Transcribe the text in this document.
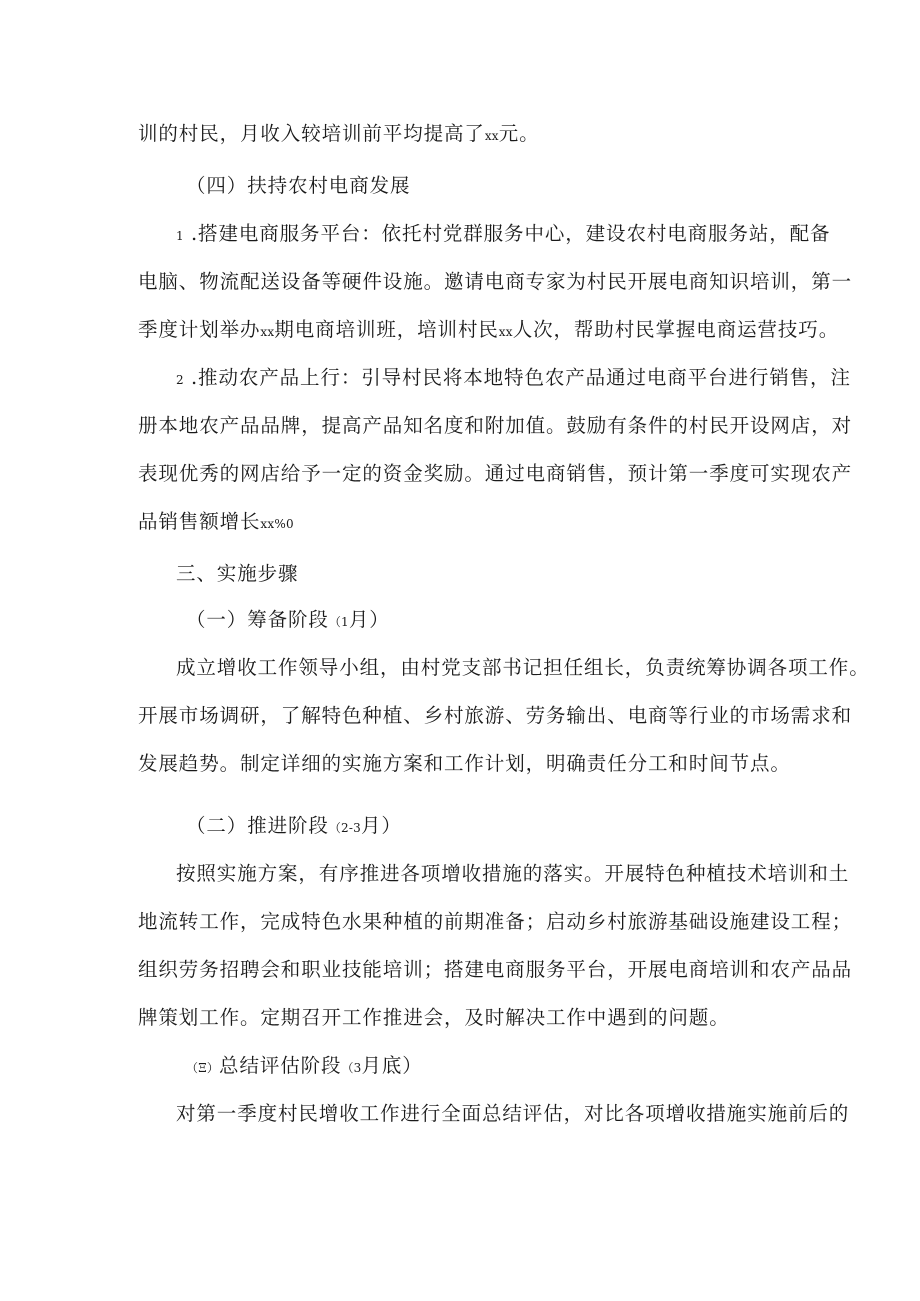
训的村民，月收入较培训前平均提高了xx元。

（四）扶持农村电商发展

1 .搭建电商服务平台：依托村党群服务中心，建设农村电商服务站，配备

电脑、物流配送设备等硬件设施。邀请电商专家为村民开展电商知识培训，第一

季度计划举办xx期电商培训班，培训村民xx人次，帮助村民掌握电商运营技巧。

2 .推动农产品上行：引导村民将本地特色农产品通过电商平台进行销售，注

册本地农产品品牌，提高产品知名度和附加值。鼓励有条件的村民开设网店，对

表现优秀的网店给予一定的资金奖励。通过电商销售，预计第一季度可实现农产

品销售额增长xx%0

三、实施步骤

（一）筹备阶段（1月）

成立增收工作领导小组，由村党支部书记担任组长，负责统筹协调各项工作。

开展市场调研，了解特色种植、乡村旅游、劳务输出、电商等行业的市场需求和

发展趋势。制定详细的实施方案和工作计划，明确责任分工和时间节点。

（二）推进阶段（2-3月）

按照实施方案，有序推进各项增收措施的落实。开展特色种植技术培训和土

地流转工作，完成特色水果种植的前期准备；启动乡村旅游基础设施建设工程；

组织劳务招聘会和职业技能培训；搭建电商服务平台，开展电商培训和农产品品

牌策划工作。定期召开工作推进会，及时解决工作中遇到的问题。

（Ξ）总结评估阶段（3月底）

对第一季度村民增收工作进行全面总结评估，对比各项增收措施实施前后的
